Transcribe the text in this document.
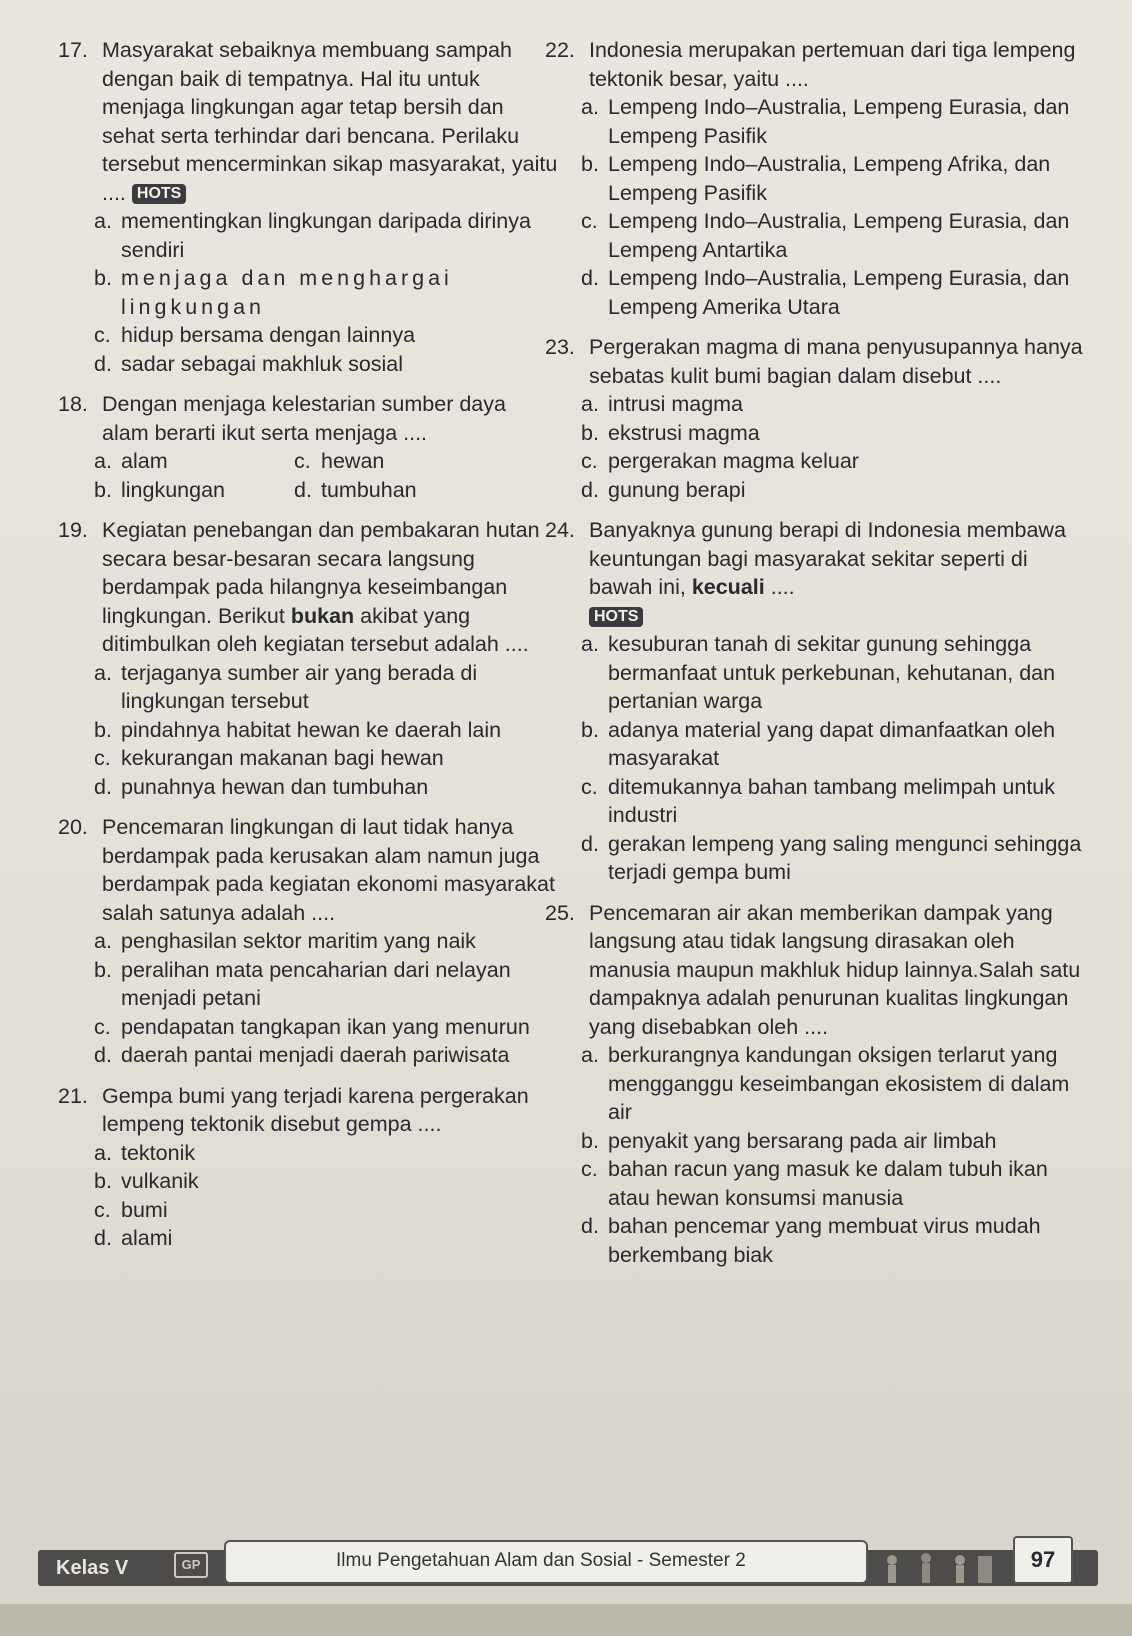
17. Masyarakat sebaiknya membuang sampah dengan baik di tempatnya. Hal itu untuk menjaga lingkungan agar tetap bersih dan sehat serta terhindar dari bencana. Perilaku tersebut mencerminkan sikap masyarakat, yaitu
.... HOTS
a. mementingkan lingkungan daripada dirinya sendiri
b. menjaga dan menghargai lingkungan
c. hidup bersama dengan lainnya
d. sadar sebagai makhluk sosial
18. Dengan menjaga kelestarian sumber daya alam berarti ikut serta menjaga ....
a. alam	c. hewan
b. lingkungan	d. tumbuhan
19. Kegiatan penebangan dan pembakaran hutan secara besar-besaran secara langsung berdampak pada hilangnya keseimbangan lingkungan. Berikut bukan akibat yang ditimbulkan oleh kegiatan tersebut adalah ....
a. terjaganya sumber air yang berada di lingkungan tersebut
b. pindahnya habitat hewan ke daerah lain
c. kekurangan makanan bagi hewan
d. punahnya hewan dan tumbuhan
20. Pencemaran lingkungan di laut tidak hanya berdampak pada kerusakan alam namun juga berdampak pada kegiatan ekonomi masyarakat salah satunya adalah ....
a. penghasilan sektor maritim yang naik
b. peralihan mata pencaharian dari nelayan menjadi petani
c. pendapatan tangkapan ikan yang menurun
d. daerah pantai menjadi daerah pariwisata
21. Gempa bumi yang terjadi karena pergerakan lempeng tektonik disebut gempa ....
a. tektonik
b. vulkanik
c. bumi
d. alami
22. Indonesia merupakan pertemuan dari tiga lempeng tektonik besar, yaitu ....
a. Lempeng Indo–Australia, Lempeng Eurasia, dan Lempeng Pasifik
b. Lempeng Indo–Australia, Lempeng Afrika, dan Lempeng Pasifik
c. Lempeng Indo–Australia, Lempeng Eurasia, dan Lempeng Antartika
d. Lempeng Indo–Australia, Lempeng Eurasia, dan Lempeng Amerika Utara
23. Pergerakan magma di mana penyusupannya hanya sebatas kulit bumi bagian dalam disebut ....
a. intrusi magma
b. ekstrusi magma
c. pergerakan magma keluar
d. gunung berapi
24. Banyaknya gunung berapi di Indonesia membawa keuntungan bagi masyarakat sekitar seperti di bawah ini, kecuali ....
HOTS
a. kesuburan tanah di sekitar gunung sehingga bermanfaat untuk perkebunan, kehutanan, dan pertanian warga
b. adanya material yang dapat dimanfaatkan oleh masyarakat
c. ditemukannya bahan tambang melimpah untuk industri
d. gerakan lempeng yang saling mengunci sehingga terjadi gempa bumi
25. Pencemaran air akan memberikan dampak yang langsung atau tidak langsung dirasakan oleh manusia maupun makhluk hidup lainnya.Salah satu dampaknya adalah penurunan kualitas lingkungan yang disebabkan oleh ....
a. berkurangnya kandungan oksigen terlarut yang mengganggu keseimbangan ekosistem di dalam air
b. penyakit yang bersarang pada air limbah
c. bahan racun yang masuk ke dalam tubuh ikan atau hewan konsumsi manusia
d. bahan pencemar yang membuat virus mudah berkembang biak
Kelas V	GP	Ilmu Pengetahuan Alam dan Sosial - Semester 2	97
